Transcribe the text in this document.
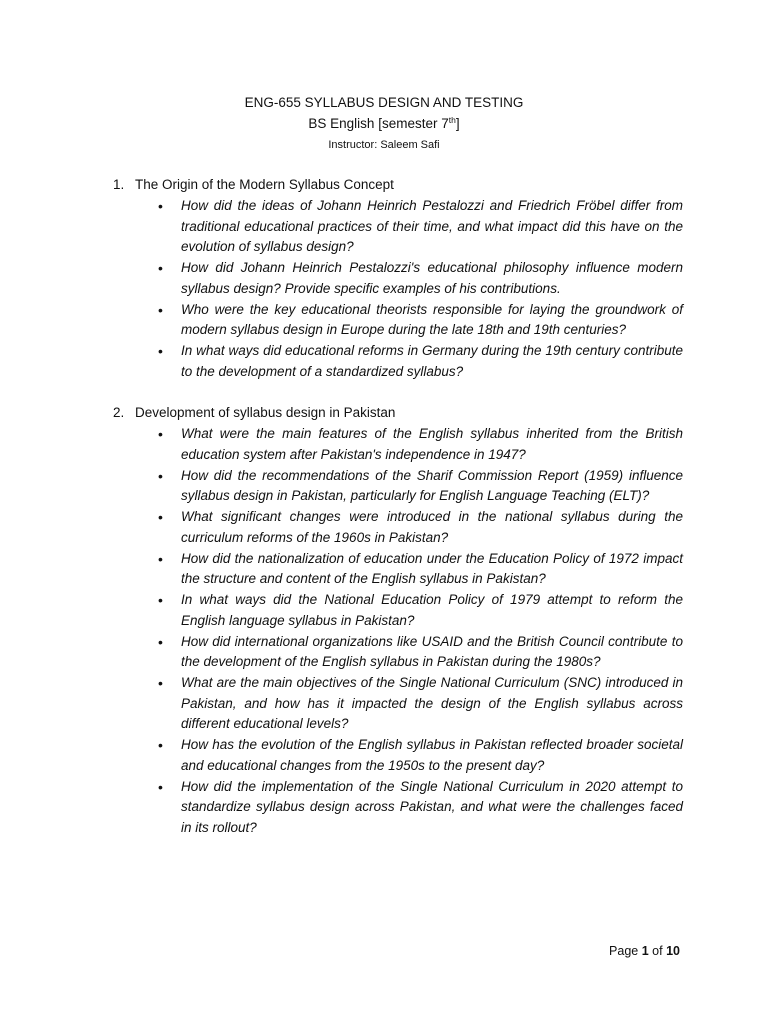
ENG-655 SYLLABUS DESIGN AND TESTING
BS English [semester 7th]
Instructor: Saleem Safi
1. The Origin of the Modern Syllabus Concept
• How did the ideas of Johann Heinrich Pestalozzi and Friedrich Fröbel differ from traditional educational practices of their time, and what impact did this have on the evolution of syllabus design?
• How did Johann Heinrich Pestalozzi's educational philosophy influence modern syllabus design? Provide specific examples of his contributions.
• Who were the key educational theorists responsible for laying the groundwork of modern syllabus design in Europe during the late 18th and 19th centuries?
• In what ways did educational reforms in Germany during the 19th century contribute to the development of a standardized syllabus?
2. Development of syllabus design in Pakistan
• What were the main features of the English syllabus inherited from the British education system after Pakistan's independence in 1947?
• How did the recommendations of the Sharif Commission Report (1959) influence syllabus design in Pakistan, particularly for English Language Teaching (ELT)?
• What significant changes were introduced in the national syllabus during the curriculum reforms of the 1960s in Pakistan?
• How did the nationalization of education under the Education Policy of 1972 impact the structure and content of the English syllabus in Pakistan?
• In what ways did the National Education Policy of 1979 attempt to reform the English language syllabus in Pakistan?
• How did international organizations like USAID and the British Council contribute to the development of the English syllabus in Pakistan during the 1980s?
• What are the main objectives of the Single National Curriculum (SNC) introduced in Pakistan, and how has it impacted the design of the English syllabus across different educational levels?
• How has the evolution of the English syllabus in Pakistan reflected broader societal and educational changes from the 1950s to the present day?
• How did the implementation of the Single National Curriculum in 2020 attempt to standardize syllabus design across Pakistan, and what were the challenges faced in its rollout?
Page 1 of 10
